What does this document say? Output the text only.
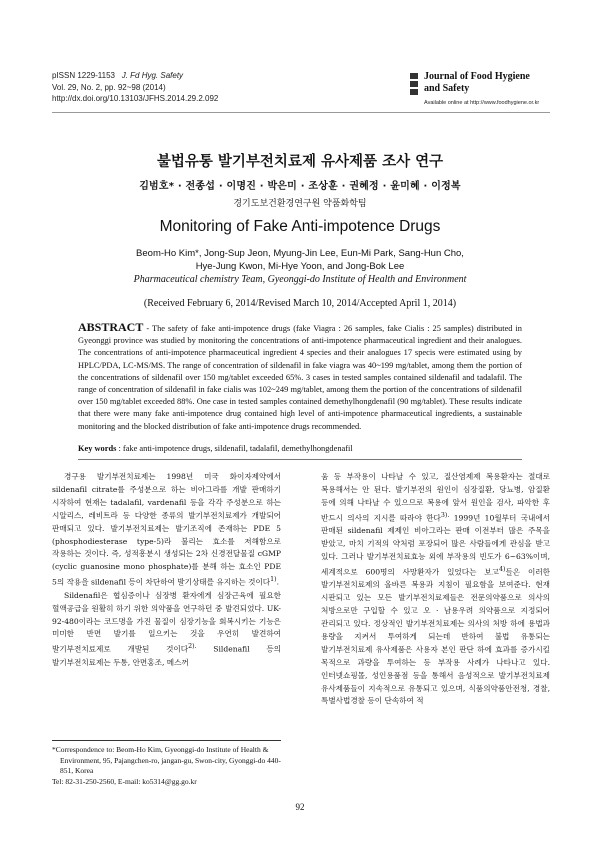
pISSN 1229-1153 J. Fd Hyg. Safety
Vol. 29, No. 2, pp. 92~98 (2014)
http://dx.doi.org/10.13103/JFHS.2014.29.2.092
Journal of Food Hygiene
and Safety
Available online at http://www.foodhygiene.or.kr
불법유통 발기부전치료제 유사제품 조사 연구
김범호* · 전종섭 · 이명진 · 박은미 · 조상훈 · 권혜정 · 윤미혜 · 이정복
경기도보건환경연구원 약품화학팀
Monitoring of Fake Anti-impotence Drugs
Beom-Ho Kim*, Jong-Sup Jeon, Myung-Jin Lee, Eun-Mi Park, Sang-Hun Cho,
Hye-Jung Kwon, Mi-Hye Yoon, and Jong-Bok Lee
Pharmaceutical chemistry Team, Gyeonggi-do Institute of Health and Environment
(Received February 6, 2014/Revised March 10, 2014/Accepted April 1, 2014)
ABSTRACT - The safety of fake anti-impotence drugs (fake Viagra : 26 samples, fake Cialis : 25 samples) distributed in Gyeonggi province was studied by monitoring the concentrations of anti-impotence pharmaceutical ingredient and their analogues. The concentrations of anti-impotence pharmaceutical ingredient 4 species and their analogues 17 specis were estimated using by HPLC/PDA, LC-MS/MS. The range of concentration of sildenafil in fake viagra was 40~199 mg/tablet, among them the portion of the concentrations of sildenafil over 150 mg/tablet exceeded 65%. 3 cases in tested samples contained sildenafil and tadalafil. The range of concentration of sildenafil in fake cialis was 102~249 mg/tablet, among them the portion of the concentrations of sildenafil over 150 mg/tablet exceeded 88%. One case in tested samples contained demethylhongdenafil (90 mg/tablet). These results indicate that there were many fake anti-impotence drug contained high level of anti-impotence pharmaceutical ingredients, a sustainable monitoring and the blocked distribution of fake anti-impotence drugs recommended.
Key words : fake anti-impotence drugs, sildenafil, tadalafil, demethylhongdenafil

경구용 발기부전치료제는 1998년 미국 화이자제약에서 sildenafil citrate를 주성분으로 하는 비아그라를 개발 판매하기 시작하여 현재는 tadalafil, vardenafil 등을 각각 주성분으로 하는 시알리스, 레비트라 등 다양한 종류의 발기부전치료제가 개발되어 판매되고 있다. 발기부전치료제는 발기조직에 존재하는 PDE 5 (phosphodiesterase type-5)라 불리는 효소를 저해함으로 작용하는 것이다. 즉, 성적흥분시 생성되는 2차 신경전달물질 cGMP (cyclic guanosine mono phosphate)를 분해 하는 효소인 PDE 5의 작용을 sildenafil 등이 차단하여 발기상태를 유지하는 것이다$^{1)}$.

Sildenafil은 협심증이나 심장병 환자에게 심장근육에 필요한 혈액공급을 원활히 하기 위한 의약품을 연구하던 중 발견되었다. UK-92-480이라는 코드명을 가진 물질이 심장기능을 회복시키는 기능은 미미한 반면 발기를 일으키는 것을 우연히 발견하여 발기부전치료제로 개발된 것이다$^{2).}$ Sildenafil 등의 발기부전치료제는 두통, 안면홍조, 메스꺼

움 등 부작용이 나타날 수 있고, 질산염제제 복용환자는 절대로 복용해서는 안 된다. 발기부전의 원인이 심장질환, 당뇨병, 암질환 등에 의해 나타날 수 있으므로 복용에 앞서 원인을 검사, 파악한 후 반드시 의사의 지시를 따라야 한다$^{3).}$ 1999년 10월부터 국내에서 판매된 sildenafil 제제인 비아그라는 판매 이전부터 많은 주목을 받았고, 마치 기적의 약처럼 포장되어 많은 사람들에게 관심을 받고 있다. 그러나 발기부전치료효능 외에 부작용의 빈도가 6~63%이며, 세계적으로 600명의 사망환자가 있었다는 보고$^{4)}$들은 이러한 발기부전치료제의 올바른 복용과 지침이 필요함을 보여준다. 현재 시판되고 있는 모든 발기부전치료제들은 전문의약품으로 의사의 처방으로만 구입할 수 있고 오 · 남용우려 의약품으로 지정되어 관리되고 있다. 정상적인 발기부전치료제는 의사의 처방 하에 용법과 용량을 지켜서 투여하게 되는데 반하여 불법 유통되는 발기부전치료제 유사제품은 사용자 본인 판단 하에 효과를 증가시킬 목적으로 과량을 투여하는 등 부작용 사례가 나타나고 있다. 인터넷쇼핑몰, 성인용품점 등을 통해서 음성적으로 발기부전치료제 유사제품들이 지속적으로 유통되고 있으며, 식품의약품안전청, 경찰, 특별사법경찰 등이 단속하여 적

*Correspondence to: Beom-Ho Kim, Gyeonggi-do Institute of Health & Environment, 95, Pajangchen-ro, jangan-gu, Swon-city, Gyonggi-do 440-851, Korea

Tel: 82-31-250-2560, E-mail: ko5314@gg.go.kr

92
